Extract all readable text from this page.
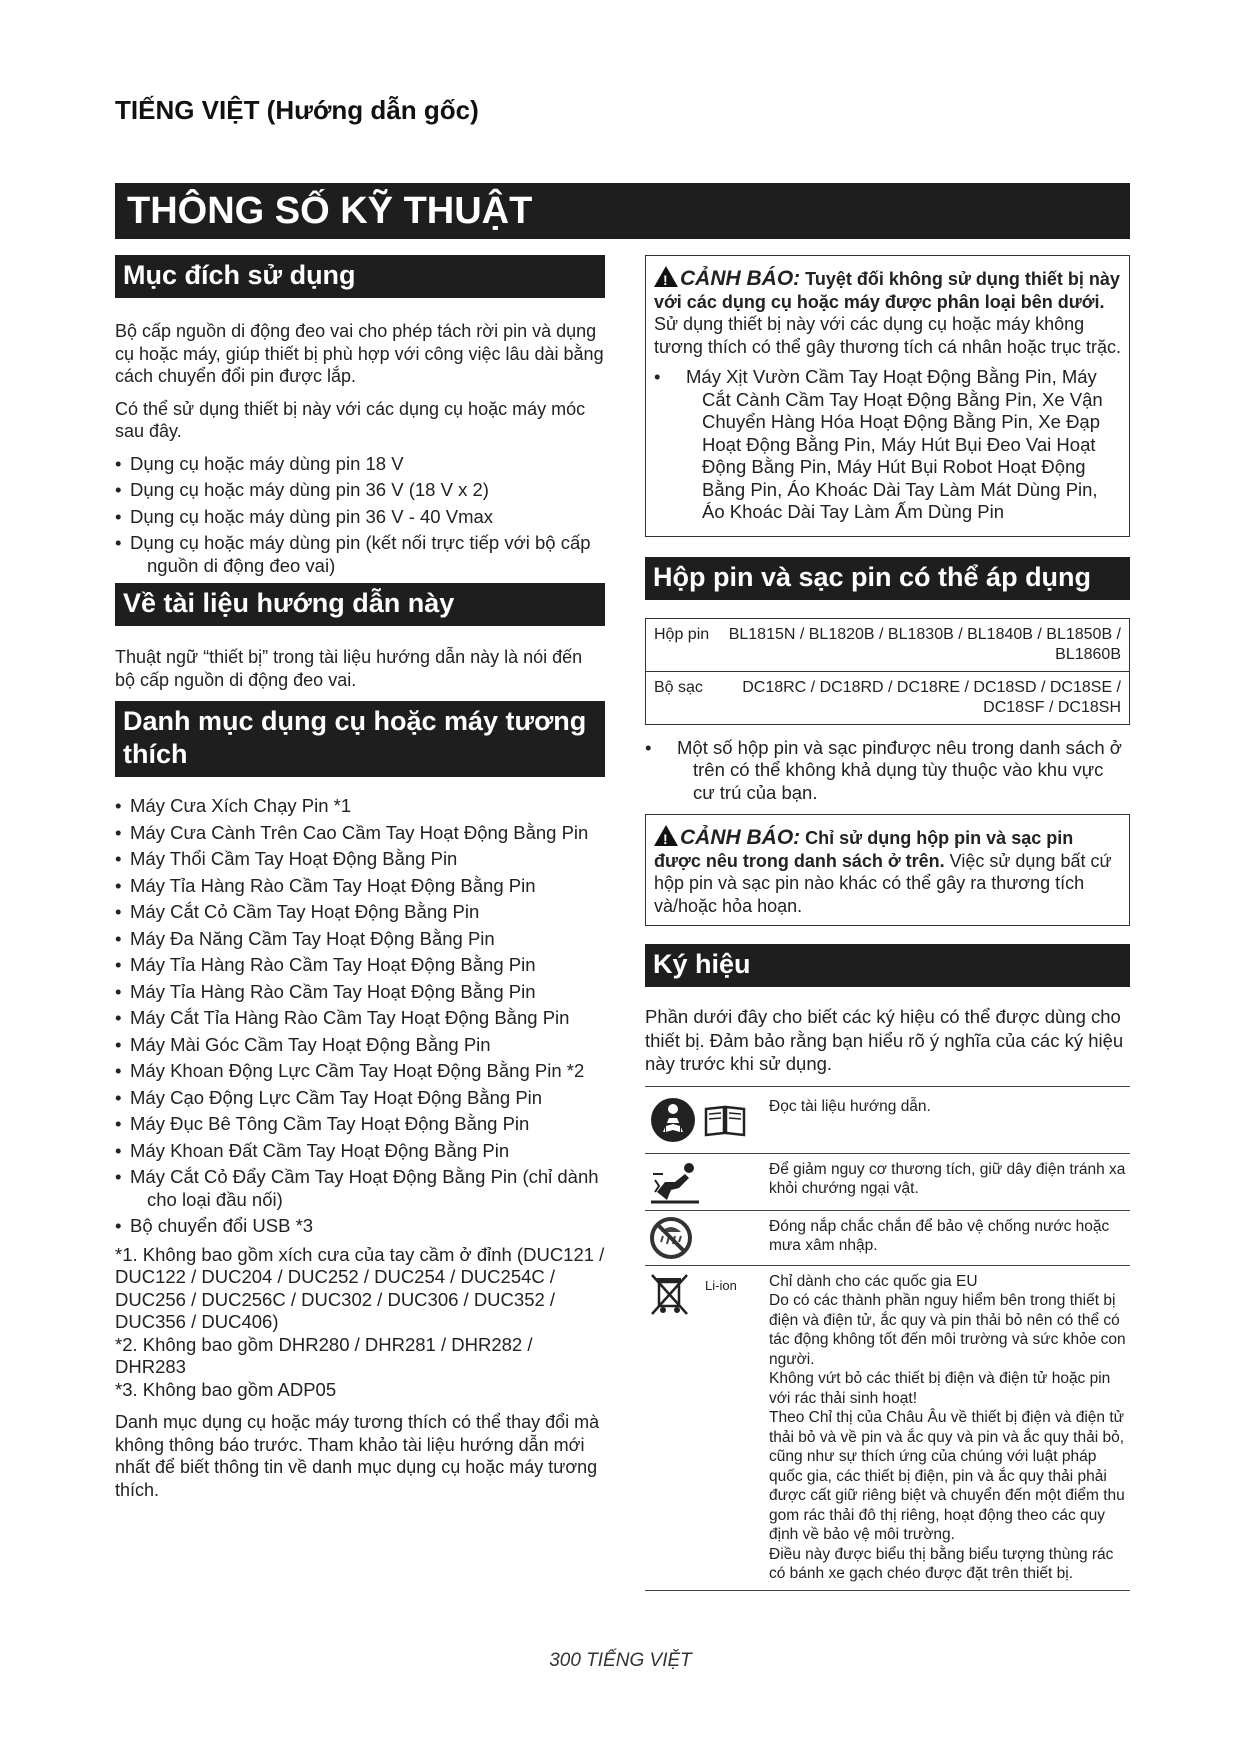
TIẾNG VIỆT (Hướng dẫn gốc)
THÔNG SỐ KỸ THUẬT
Mục đích sử dụng

Bộ cấp nguồn di động đeo vai cho phép tách rời pin và dụng cụ hoặc máy, giúp thiết bị phù hợp với công việc lâu dài bằng cách chuyển đổi pin được lắp.

Có thể sử dụng thiết bị này với các dụng cụ hoặc máy móc sau đây.

• Dụng cụ hoặc máy dùng pin 18 V
• Dụng cụ hoặc máy dùng pin 36 V (18 V x 2)
• Dụng cụ hoặc máy dùng pin 36 V - 40 Vmax
• Dụng cụ hoặc máy dùng pin (kết nối trực tiếp với bộ cấp nguồn di động đeo vai)
Về tài liệu hướng dẫn này

Thuật ngữ “thiết bị” trong tài liệu hướng dẫn này là nói đến bộ cấp nguồn di động đeo vai.

Danh mục dụng cụ hoặc máy tương thích
• Máy Cưa Xích Chạy Pin *1
• Máy Cưa Cành Trên Cao Cầm Tay Hoạt Động Bằng Pin
• Máy Thổi Cầm Tay Hoạt Động Bằng Pin
• Máy Tỉa Hàng Rào Cầm Tay Hoạt Động Bằng Pin
• Máy Cắt Cỏ Cầm Tay Hoạt Động Bằng Pin
• Máy Đa Năng Cầm Tay Hoạt Động Bằng Pin
• Máy Tỉa Hàng Rào Cầm Tay Hoạt Động Bằng Pin
• Máy Tỉa Hàng Rào Cầm Tay Hoạt Động Bằng Pin
• Máy Cắt Tỉa Hàng Rào Cầm Tay Hoạt Động Bằng Pin
• Máy Mài Góc Cầm Tay Hoạt Động Bằng Pin
• Máy Khoan Động Lực Cầm Tay Hoạt Động Bằng Pin *2
• Máy Cạo Động Lực Cầm Tay Hoạt Động Bằng Pin
• Máy Đục Bê Tông Cầm Tay Hoạt Động Bằng Pin
• Máy Khoan Đất Cầm Tay Hoạt Động Bằng Pin
• Máy Cắt Cỏ Đẩy Cầm Tay Hoạt Động Bằng Pin (chỉ dành cho loại đầu nối)
• Bộ chuyển đổi USB *3

*1. Không bao gồm xích cưa của tay cầm ở đỉnh (DUC121 / DUC122 / DUC204 / DUC252 / DUC254 / DUC254C / DUC256 / DUC256C / DUC302 / DUC306 / DUC352 / DUC356 / DUC406)

*2. Không bao gồm DHR280 / DHR281 / DHR282 / DHR283

*3. Không bao gồm ADP05

Danh mục dụng cụ hoặc máy tương thích có thể thay đổi mà không thông báo trước. Tham khảo tài liệu hướng dẫn mới nhất để biết thông tin về danh mục dụng cụ hoặc máy tương thích.

!CẢNH BÁO: Tuyệt đối không sử dụng thiết bị này với các dụng cụ hoặc máy được phân loại bên dưới. Sử dụng thiết bị này với các dụng cụ hoặc máy không tương thích có thể gây thương tích cá nhân hoặc trục trặc.
• Máy Xịt Vườn Cầm Tay Hoạt Động Bằng Pin, Máy Cắt Cành Cầm Tay Hoạt Động Bằng Pin, Xe Vận Chuyển Hàng Hóa Hoạt Động Bằng Pin, Xe Đạp Hoạt Động Bằng Pin, Máy Hút Bụi Đeo Vai Hoạt Động Bằng Pin, Máy Hút Bụi Robot Hoạt Động Bằng Pin, Áo Khoác Dài Tay Làm Mát Dùng Pin, Áo Khoác Dài Tay Làm Ấm Dùng Pin
Hộp pin và sạc pin có thể áp dụng
Hộp pin	BL1815N / BL1820B / BL1830B / BL1840B / BL1850B / BL1860B
Bộ sạc	DC18RC / DC18RD / DC18RE / DC18SD / DC18SE / DC18SF / DC18SH
• Một số hộp pin và sạc pinđược nêu trong danh sách ở trên có thể không khả dụng tùy thuộc vào khu vực cư trú của bạn.
!CẢNH BÁO: Chỉ sử dụng hộp pin và sạc pin được nêu trong danh sách ở trên. Việc sử dụng bất cứ hộp pin và sạc pin nào khác có thể gây ra thương tích và/hoặc hỏa hoạn.
Ký hiệu

Phần dưới đây cho biết các ký hiệu có thể được dùng cho thiết bị. Đảm bảo rằng bạn hiểu rõ ý nghĩa của các ký hiệu này trước khi sử dụng.

Đọc tài liệu hướng dẫn.
Để giảm nguy cơ thương tích, giữ dây điện tránh xa khỏi chướng ngại vật.
Đóng nắp chắc chắn để bảo vệ chống nước hoặc mưa xâm nhập.
Li-ion Chỉ dành cho các quốc gia EU
Do có các thành phần nguy hiểm bên trong thiết bị điện và điện tử, ắc quy và pin thải bỏ nên có thể có tác động không tốt đến môi trường và sức khỏe con người.
Không vứt bỏ các thiết bị điện và điện tử hoặc pin với rác thải sinh hoạt!
Theo Chỉ thị của Châu Âu về thiết bị điện và điện tử thải bỏ và về pin và ắc quy và pin và ắc quy thải bỏ, cũng như sự thích ứng của chúng với luật pháp quốc gia, các thiết bị điện, pin và ắc quy thải phải được cất giữ riêng biệt và chuyển đến một điểm thu gom rác thải đô thị riêng, hoạt động theo các quy định về bảo vệ môi trường.
Điều này được biểu thị bằng biểu tượng thùng rác có bánh xe gạch chéo được đặt trên thiết bị.
300 TIẾNG VIỆT
